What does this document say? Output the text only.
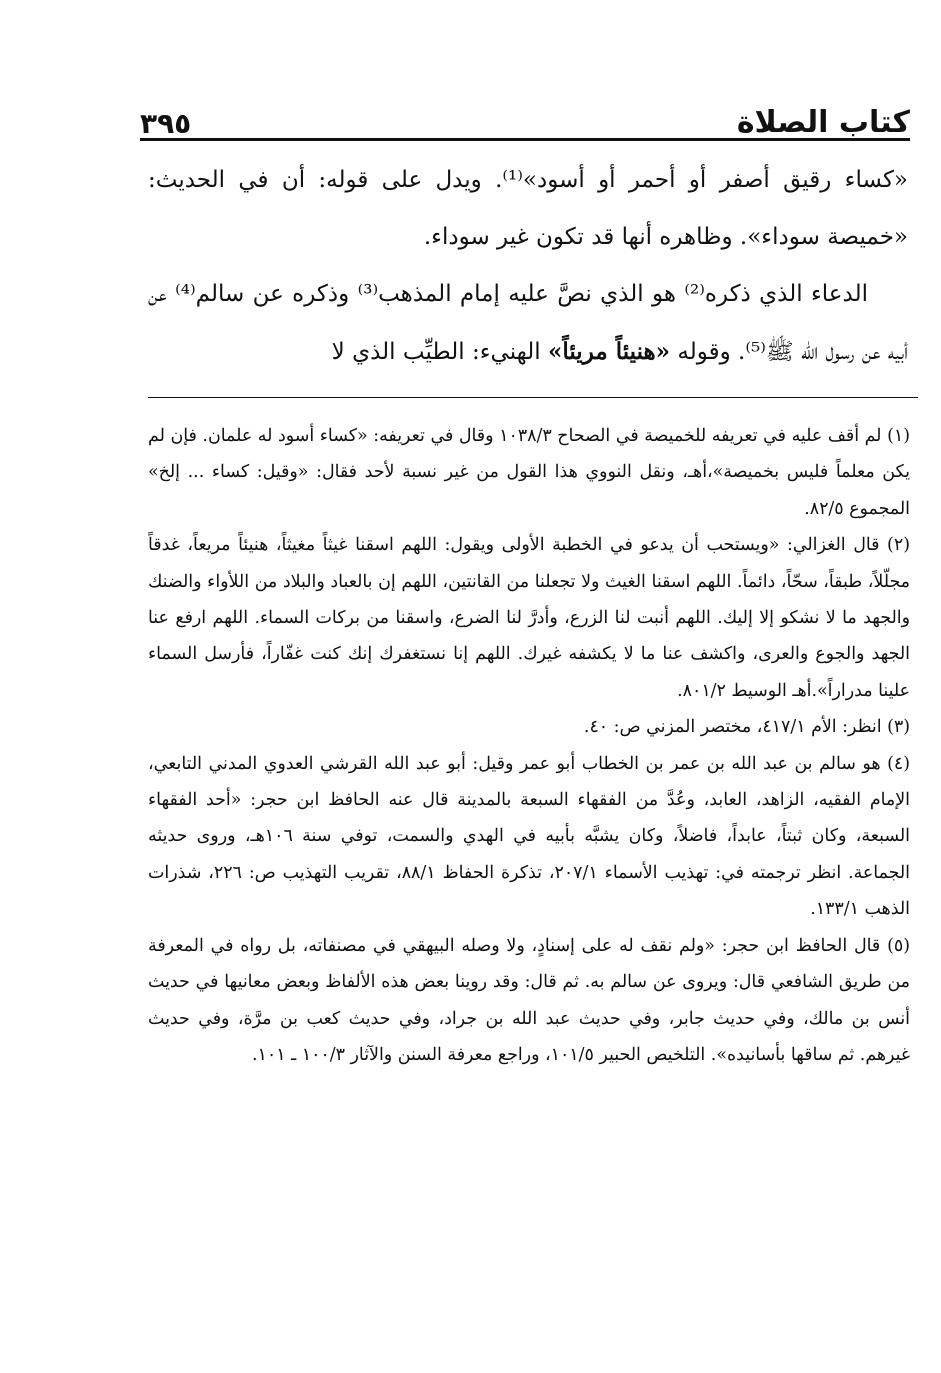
٣٩٥	كتاب الصلاة

«كساء رقيق أصفر أو أحمر أو أسود»⁽¹⁾. ويدل على قوله: أن في الحديث: «خميصة سوداء». وظاهره أنها قد تكون غير سوداء.

الدعاء الذي ذكره⁽²⁾ هو الذي نصَّ عليه إمام المذهب⁽³⁾ وذكره عن سالم⁽⁴⁾ عن أبيه عن رسول الله ﷺ⁽⁵⁾. وقوله «هنيئاً مريئاً» الهنيء: الطيِّب الذي لا

(١) لم أقف عليه في تعريفه للخميصة في الصحاح ١٠٣٨/٣ وقال في تعريفه: «كساء أسود له علمان. فإن لم يكن معلماً فليس بخميصة»،أهـ، ونقل النووي هذا القول من غير نسبة لأحد فقال: «وقيل: كساء ... إلخ» المجموع ٨٢/٥.

(٢) قال الغزالي: «ويستحب أن يدعو في الخطبة الأولى ويقول: اللهم اسقنا غيثاً مغيثاً، هنيئاً مريعاً، غدقاً مجلّلاً، طبقاً، سحّاً، دائماً. اللهم اسقنا الغيث ولا تجعلنا من القانتين، اللهم إن بالعباد والبلاد من اللأواء والضنك والجهد ما لا نشكو إلا إليك. اللهم أنبت لنا الزرع، وأدرَّ لنا الضرع، واسقنا من بركات السماء. اللهم ارفع عنا الجهد والجوع والعرى، واكشف عنا ما لا يكشفه غيرك. اللهم إنا نستغفرك إنك كنت غفّاراً، فأرسل السماء علينا مدراراً».أهـ الوسيط ٨٠١/٢.

(٣) انظر: الأم ٤١٧/١، مختصر المزني ص: ٤٠.

(٤) هو سالم بن عبد الله بن عمر بن الخطاب أبو عمر وقيل: أبو عبد الله القرشي العدوي المدني التابعي، الإمام الفقيه، الزاهد، العابد، وعُدَّ من الفقهاء السبعة بالمدينة قال عنه الحافظ ابن حجر: «أحد الفقهاء السبعة، وكان ثبتاً، عابداً، فاضلاً، وكان يشبَّه بأبيه في الهدي والسمت، توفي سنة ١٠٦هـ، وروى حديثه الجماعة. انظر ترجمته في: تهذيب الأسماء ٢٠٧/١، تذكرة الحفاظ ٨٨/١، تقريب التهذيب ص: ٢٢٦، شذرات الذهب ١٣٣/١.

(٥) قال الحافظ ابن حجر: «ولم نقف له على إسنادٍ، ولا وصله البيهقي في مصنفاته، بل رواه في المعرفة من طريق الشافعي قال: ويروى عن سالم به. ثم قال: وقد روينا بعض هذه الألفاظ وبعض معانيها في حديث أنس بن مالك، وفي حديث جابر، وفي حديث عبد الله بن جراد، وفي حديث كعب بن مرَّة، وفي حديث غيرهم. ثم ساقها بأسانيده». التلخيص الحبير ١٠١/٥، وراجع معرفة السنن والآثار ١٠٠/٣ ـ ١٠١.
